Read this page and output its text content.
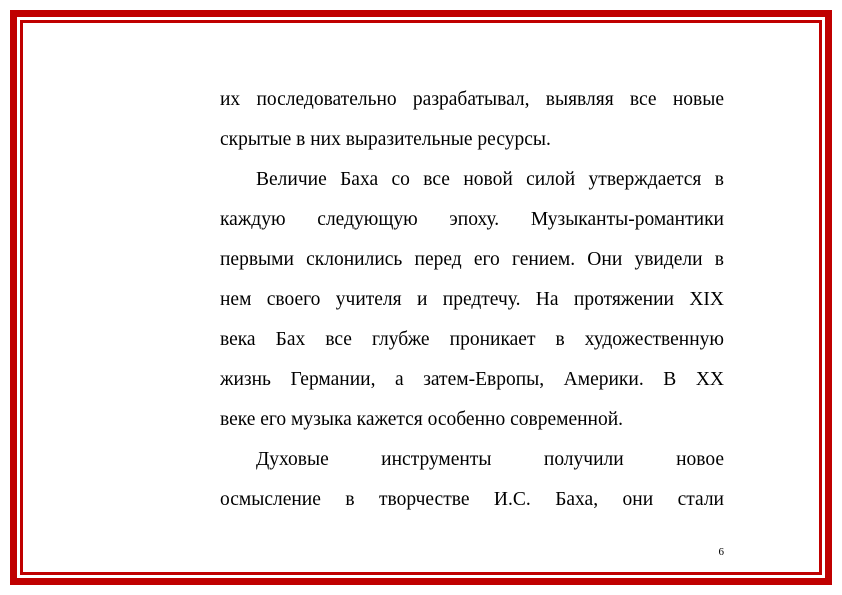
их последовательно разрабатывал, выявляя все новые
скрытые в них выразительные ресурсы.
Величие Баха со все новой силой утверждается в
каждую следующую эпоху. Музыканты-романтики
первыми склонились перед его гением. Они увидели в
нем своего учителя и предтечу. На протяжении XIX
века Бах все глубже проникает в художественную
жизнь Германии, а затем-Европы, Америки. В XX
веке его музыка кажется особенно современной.
Духовые инструменты получили новое
осмысление в творчестве И.С. Баха, они стали
6
